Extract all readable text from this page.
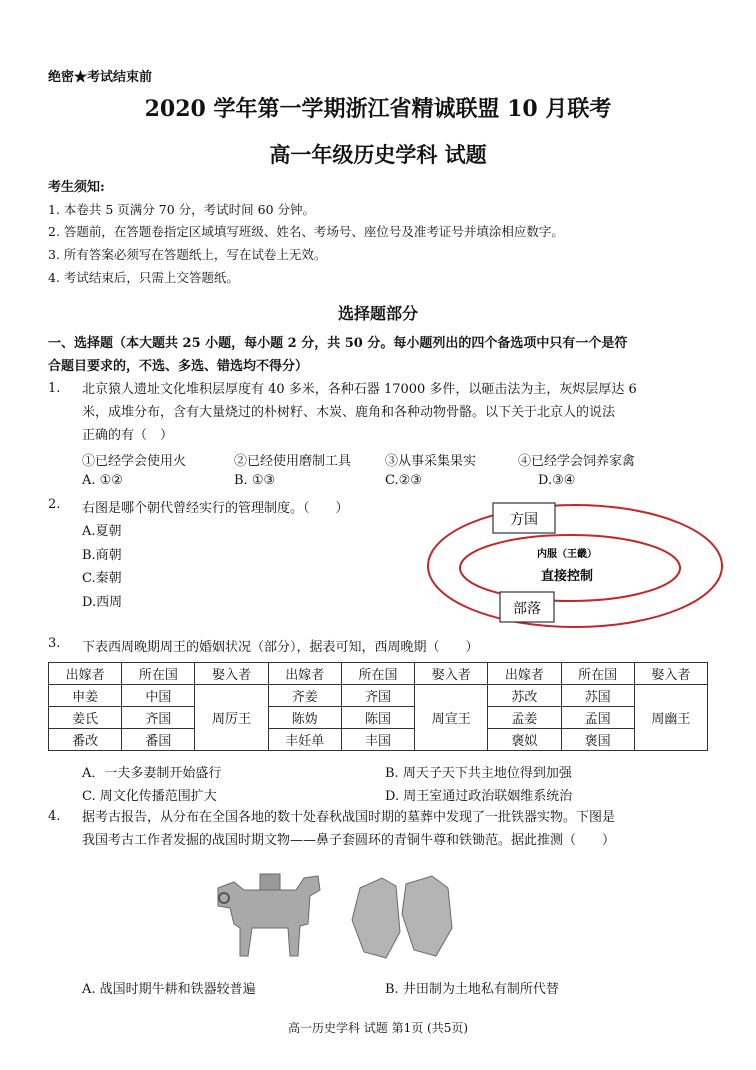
绝密★考试结束前
2020 学年第一学期浙江省精诚联盟 10 月联考
高一年级历史学科 试题
考生须知:
1. 本卷共 5 页满分 70 分，考试时间 60 分钟。
2. 答题前，在答题卷指定区域填写班级、姓名、考场号、座位号及准考证号并填涂相应数字。
3. 所有答案必须写在答题纸上，写在试卷上无效。
4. 考试结束后，只需上交答题纸。
选择题部分
一、选择题（本大题共 25 小题，每小题 2 分，共 50 分。每小题列出的四个备选项中只有一个是符
合题目要求的，不选、多选、错选均不得分）
1. 北京猿人遗址文化堆积层厚度有 40 多米，各种石器 17000 多件，以砸击法为主，灰烬层厚达 6
米，成堆分布，含有大量烧过的朴树籽、木炭、鹿角和各种动物骨骼。以下关于北京人的说法
正确的有（　）
①已经学会使用火	②已经使用磨制工具	③从事采集果实	④已经学会饲养家禽
A. ①②	B. ①③	C.②③	D.③④
2. 右图是哪个朝代曾经实行的管理制度。（　　）
A.夏朝
B.商朝
C.秦朝
D.西周
方国
内服（王畿）
直接控制
部落
3. 下表西周晚期周王的婚姻状况（部分），据表可知，西周晚期（　　）
出嫁者	所在国	娶入者	出嫁者	所在国	娶入者	出嫁者	所在国	娶入者
申姜	中国	周厉王	齐姜	齐国	周宣王	苏改	苏国	周幽王
姜氏	齐国		陈妫	陈国		孟姜	孟国	
番改	番国		丰妊单	丰国		褒姒	褒国	
A．一夫多妻制开始盛行	B. 周天子天下共主地位得到加强
C. 周文化传播范围扩大	D. 周王室通过政治联姻维系统治
4. 据考古报告，从分布在全国各地的数十处春秋战国时期的墓葬中发现了一批铁器实物。下图是
我国考古工作者发掘的战国时期文物——鼻子套圆环的青铜牛尊和铁锄范。据此推测（　　）
A. 战国时期牛耕和铁器较普遍	B. 井田制为土地私有制所代替
高一历史学科 试题 第1页 (共5页)
